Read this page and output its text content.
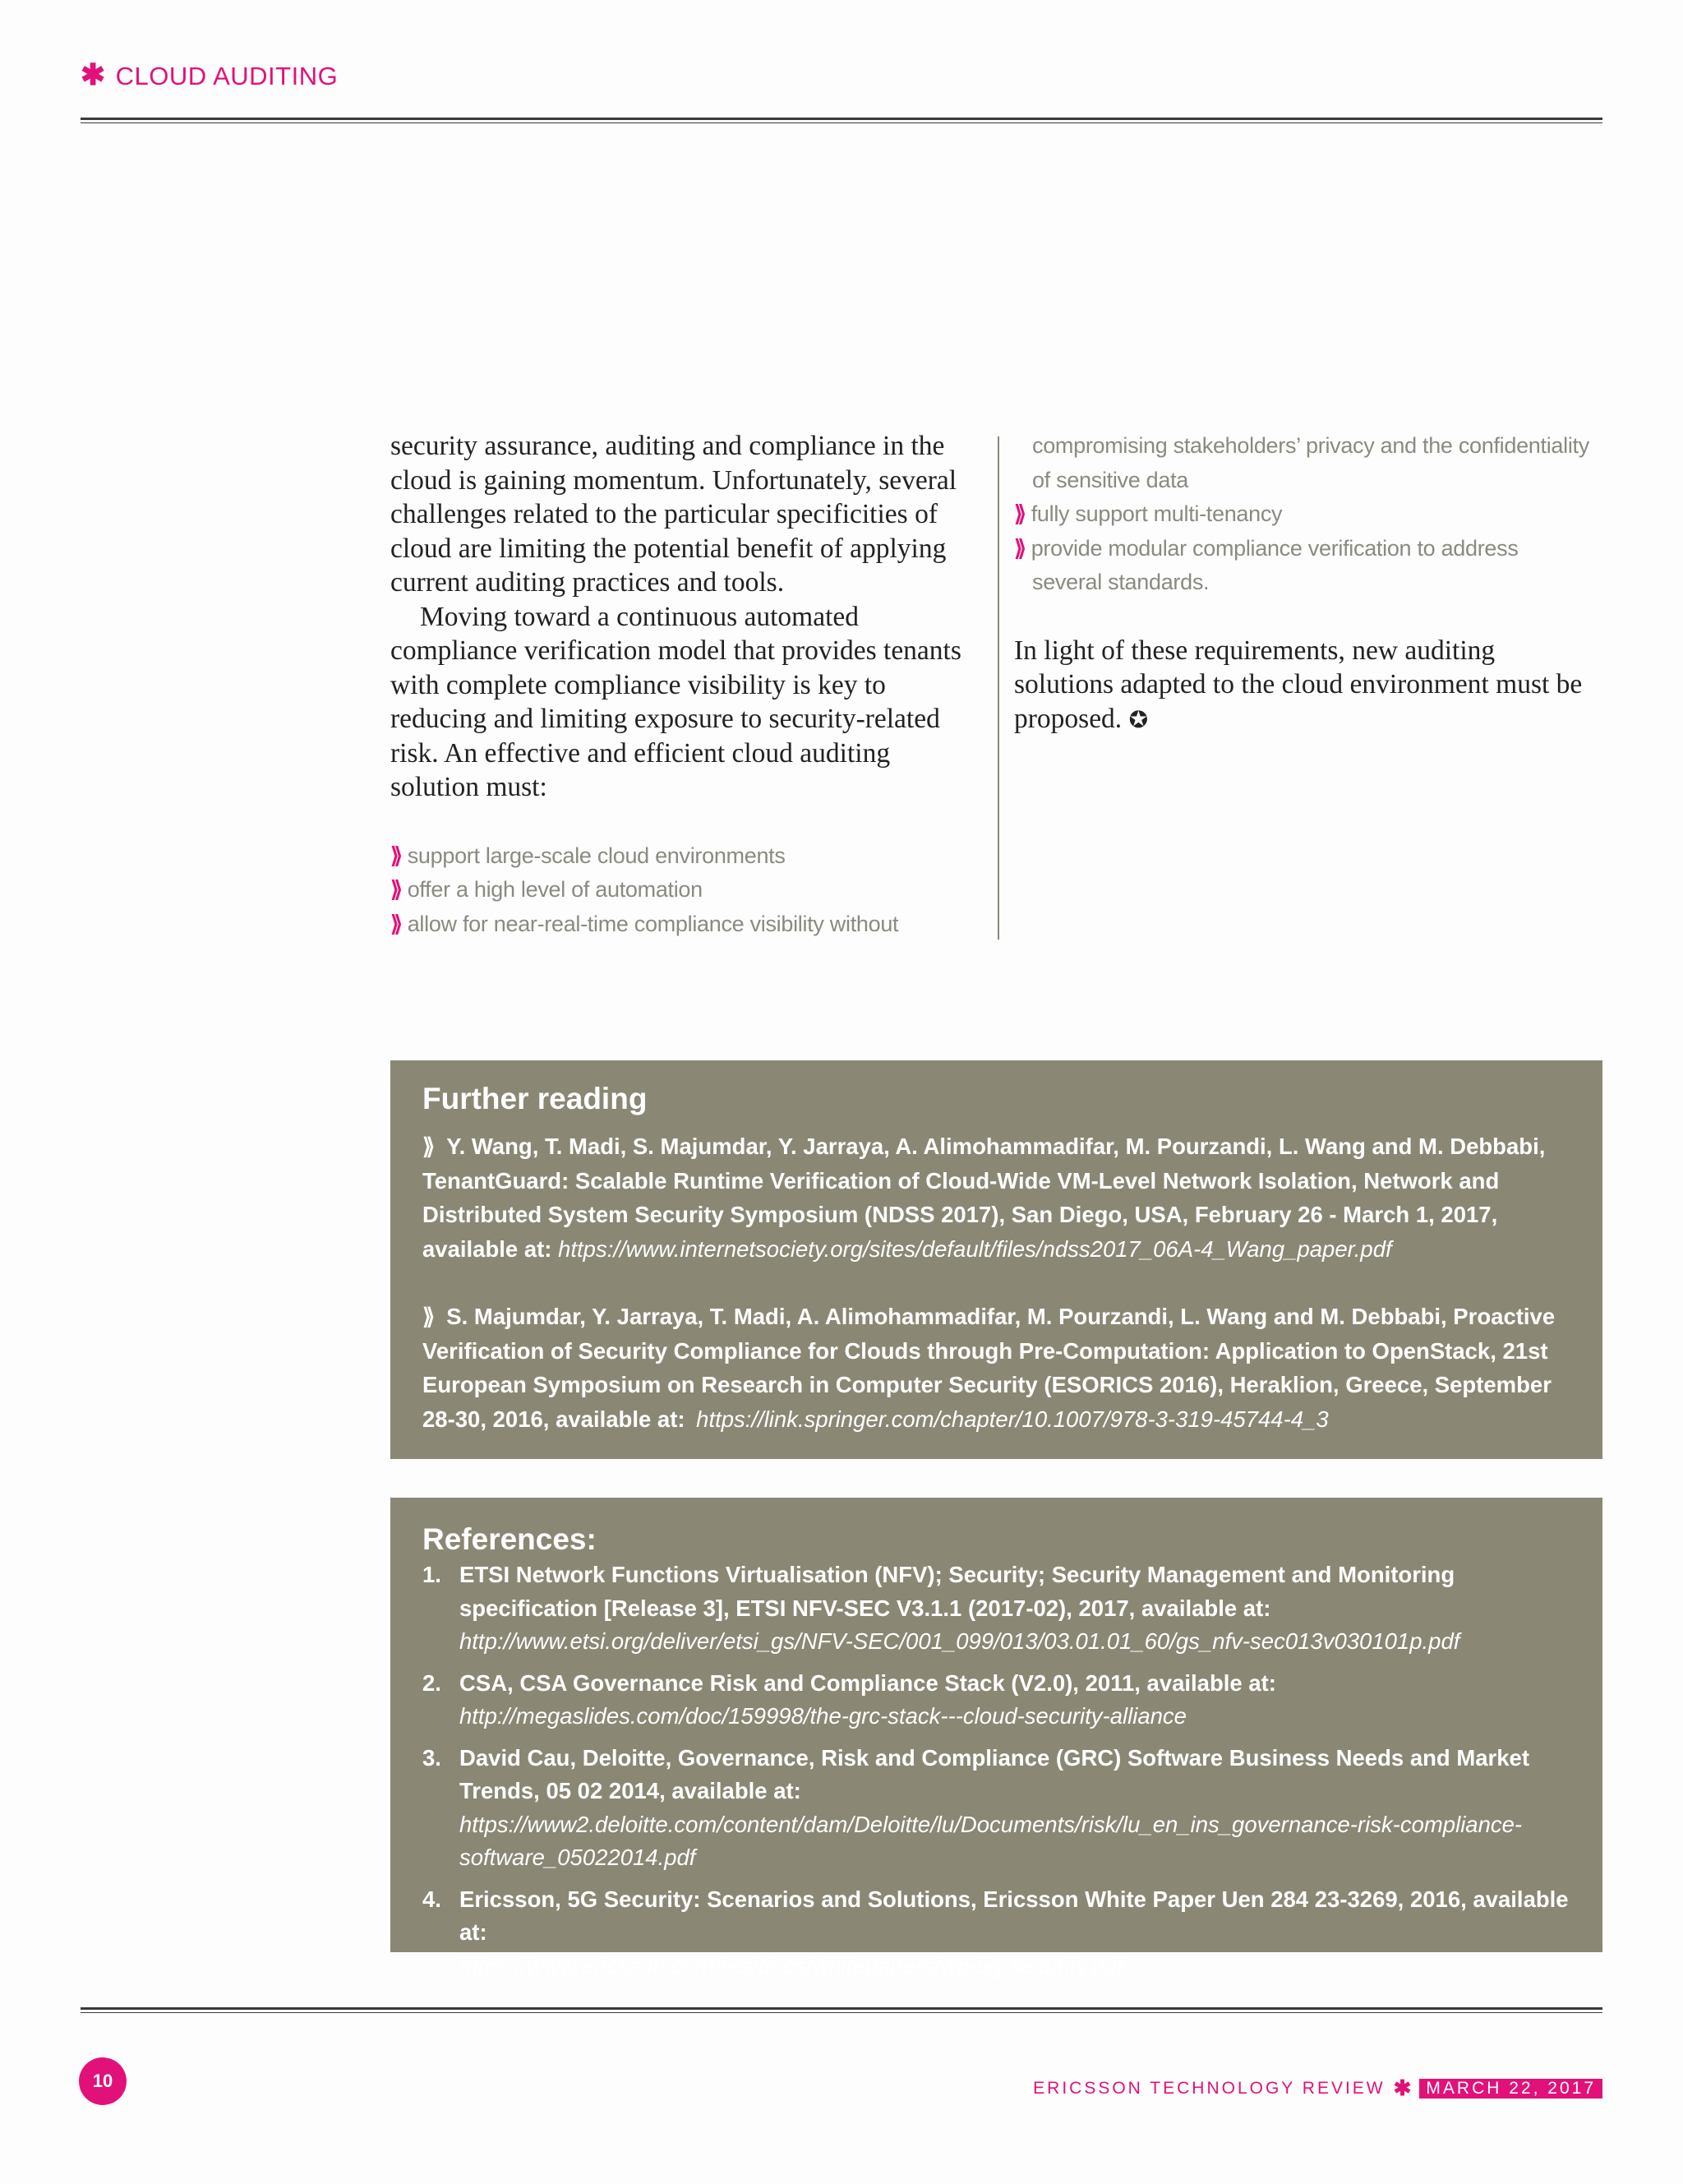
✱ CLOUD AUDITING

security assurance, auditing and compliance in the cloud is gaining momentum. Unfortunately, several challenges related to the particular specificities of cloud are limiting the potential benefit of applying current auditing practices and tools.

Moving toward a continuous automated compliance verification model that provides tenants with complete compliance visibility is key to reducing and limiting exposure to security-related risk. An effective and efficient cloud auditing solution must:

⟫ support large-scale cloud environments
⟫ offer a high level of automation
⟫ allow for near-real-time compliance visibility without
compromising stakeholders’ privacy and the confidentiality of sensitive data
⟫ fully support multi-tenancy
⟫ provide modular compliance verification to address several standards.

In light of these requirements, new auditing solutions adapted to the cloud environment must be proposed. ✪

Further reading
⟫ Y. Wang, T. Madi, S. Majumdar, Y. Jarraya, A. Alimohammadifar, M. Pourzandi, L. Wang and M. Debbabi, TenantGuard: Scalable Runtime Verification of Cloud-Wide VM-Level Network Isolation, Network and Distributed System Security Symposium (NDSS 2017), San Diego, USA, February 26 - March 1, 2017, available at: https://www.internetsociety.org/sites/default/files/ndss2017_06A-4_Wang_paper.pdf
⟫ S. Majumdar, Y. Jarraya, T. Madi, A. Alimohammadifar, M. Pourzandi, L. Wang and M. Debbabi, Proactive Verification of Security Compliance for Clouds through Pre-Computation: Application to OpenStack, 21st European Symposium on Research in Computer Security (ESORICS 2016), Heraklion, Greece, September 28-30, 2016, available at: https://link.springer.com/chapter/10.1007/978-3-319-45744-4_3
References:
1. ETSI Network Functions Virtualisation (NFV); Security; Security Management and Monitoring specification [Release 3], ETSI NFV-SEC V3.1.1 (2017-02), 2017, available at:
http://www.etsi.org/deliver/etsi_gs/NFV-SEC/001_099/013/03.01.01_60/gs_nfv-sec013v030101p.pdf
2. CSA, CSA Governance Risk and Compliance Stack (V2.0), 2011, available at:
http://megaslides.com/doc/159998/the-grc-stack---cloud-security-alliance
3. David Cau, Deloitte, Governance, Risk and Compliance (GRC) Software Business Needs and Market Trends, 05 02 2014, available at: https://www2.deloitte.com/content/dam/Deloitte/lu/Documents/risk/lu_en_ins_governance-risk-compliance-software_05022014.pdf
4. Ericsson, 5G Security: Scenarios and Solutions, Ericsson White Paper Uen 284 23-3269, 2016, available at:
https://www.ericsson.com/res/docs/whitepapers/wp-5g-security.pdf
10	ERICSSON TECHNOLOGY REVIEW ✱ MARCH 22, 2017
